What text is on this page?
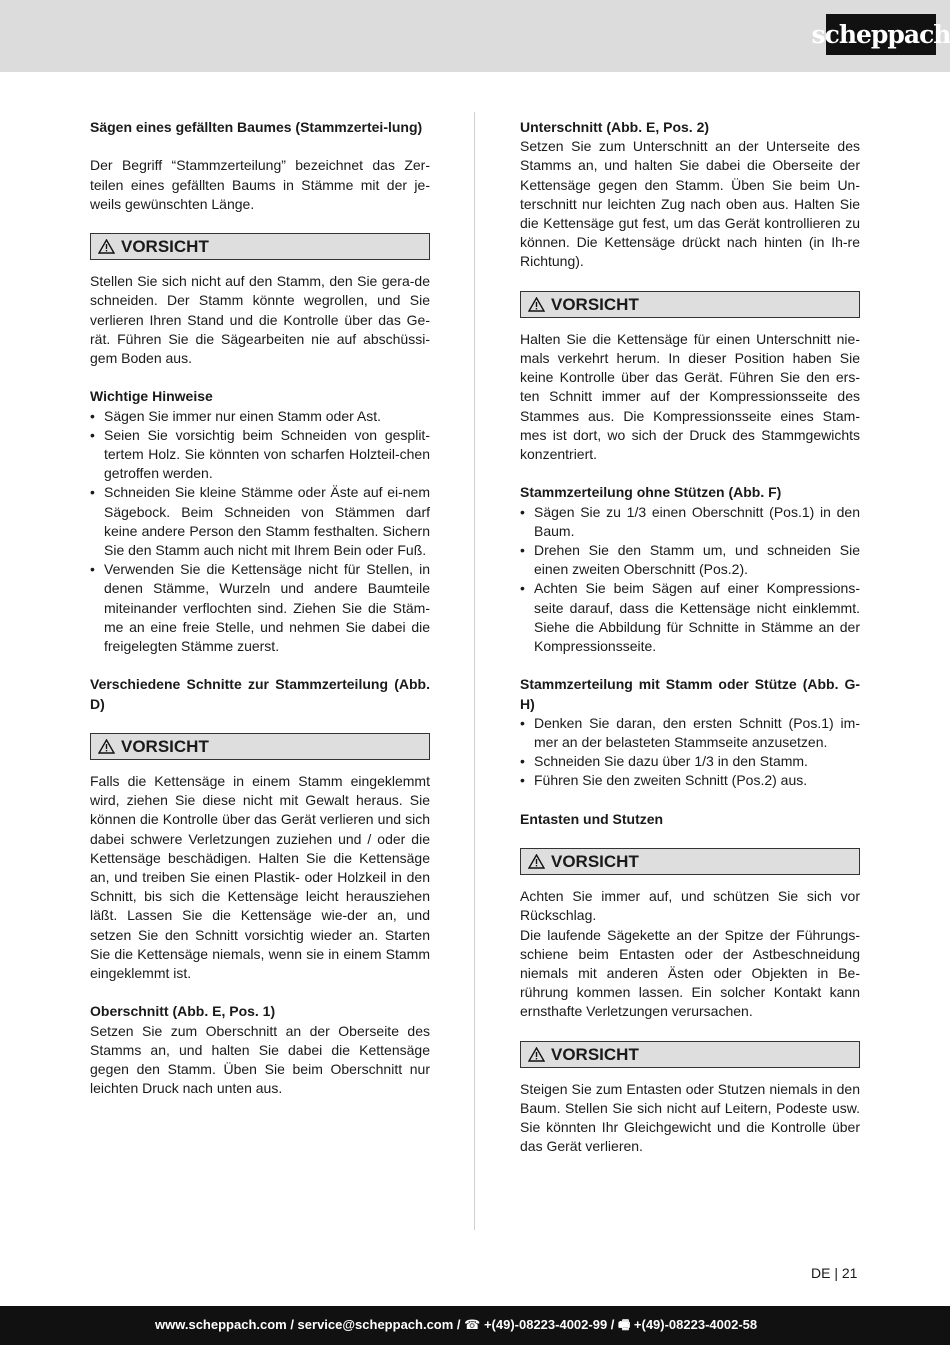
scheppach
Sägen eines gefällten Baumes (Stammzertei-lung)
Der Begriff “Stammzerteilung” bezeichnet das Zer-teilen eines gefällten Baums in Stämme mit der je-weils gewünschten Länge.
VORSICHT
Stellen Sie sich nicht auf den Stamm, den Sie gera-de schneiden. Der Stamm könnte wegrollen, und Sie verlieren Ihren Stand und die Kontrolle über das Ge-rät. Führen Sie die Sägearbeiten nie auf abschüssi-gem Boden aus.
Wichtige Hinweise
• Sägen Sie immer nur einen Stamm oder Ast.
• Seien Sie vorsichtig beim Schneiden von gesplit-tertem Holz. Sie könnten von scharfen Holzteil-chen getroffen werden.
• Schneiden Sie kleine Stämme oder Äste auf ei-nem Sägebock. Beim Schneiden von Stämmen darf keine andere Person den Stamm festhalten. Sichern Sie den Stamm auch nicht mit Ihrem Bein oder Fuß.
• Verwenden Sie die Kettensäge nicht für Stellen, in denen Stämme, Wurzeln und andere Baumteile miteinander verflochten sind. Ziehen Sie die Stäm-me an eine freie Stelle, und nehmen Sie dabei die freigelegten Stämme zuerst.
Verschiedene Schnitte zur Stammzerteilung (Abb. D)
VORSICHT
Falls die Kettensäge in einem Stamm eingeklemmt wird, ziehen Sie diese nicht mit Gewalt heraus. Sie können die Kontrolle über das Gerät verlieren und sich dabei schwere Verletzungen zuziehen und / oder die Kettensäge beschädigen. Halten Sie die Kettensäge an, und treiben Sie einen Plastik- oder Holzkeil in den Schnitt, bis sich die Kettensäge leicht herausziehen läßt. Lassen Sie die Kettensäge wie-der an, und setzen Sie den Schnitt vorsichtig wieder an. Starten Sie die Kettensäge niemals, wenn sie in einem Stamm eingeklemmt ist.
Oberschnitt (Abb. E, Pos. 1)
Setzen Sie zum Oberschnitt an der Oberseite des Stamms an, und halten Sie dabei die Kettensäge gegen den Stamm. Üben Sie beim Oberschnitt nur leichten Druck nach unten aus.
Unterschnitt (Abb. E, Pos. 2)
Setzen Sie zum Unterschnitt an der Unterseite des Stamms an, und halten Sie dabei die Oberseite der Kettensäge gegen den Stamm. Üben Sie beim Un-terschnitt nur leichten Zug nach oben aus. Halten Sie die Kettensäge gut fest, um das Gerät kontrollieren zu können. Die Kettensäge drückt nach hinten (in Ih-re Richtung).
VORSICHT
Halten Sie die Kettensäge für einen Unterschnitt nie-mals verkehrt herum. In dieser Position haben Sie keine Kontrolle über das Gerät. Führen Sie den ers-ten Schnitt immer auf der Kompressionsseite des Stammes aus. Die Kompressionsseite eines Stam-mes ist dort, wo sich der Druck des Stammgewichts konzentriert.
Stammzerteilung ohne Stützen (Abb. F)
• Sägen Sie zu 1/3 einen Oberschnitt (Pos.1) in den Baum.
• Drehen Sie den Stamm um, und schneiden Sie einen zweiten Oberschnitt (Pos.2).
• Achten Sie beim Sägen auf einer Kompressions-seite darauf, dass die Kettensäge nicht einklemmt. Siehe die Abbildung für Schnitte in Stämme an der Kompressionsseite.
Stammzerteilung mit Stamm oder Stütze (Abb. G-H)
• Denken Sie daran, den ersten Schnitt (Pos.1) im-mer an der belasteten Stammseite anzusetzen.
• Schneiden Sie dazu über 1/3 in den Stamm.
• Führen Sie den zweiten Schnitt (Pos.2) aus.
Entasten und Stutzen
VORSICHT
Achten Sie immer auf, und schützen Sie sich vor Rückschlag.
Die laufende Sägekette an der Spitze der Führungs-schiene beim Entasten oder der Astbeschneidung niemals mit anderen Ästen oder Objekten in Be-rührung kommen lassen. Ein solcher Kontakt kann ernsthafte Verletzungen verursachen.
VORSICHT
Steigen Sie zum Entasten oder Stutzen niemals in den Baum. Stellen Sie sich nicht auf Leitern, Podeste usw. Sie könnten Ihr Gleichgewicht und die Kontrolle über das Gerät verlieren.
DE | 21
www.scheppach.com / service@scheppach.com / ☎ +(49)-08223-4002-99 / 🖷 +(49)-08223-4002-58
